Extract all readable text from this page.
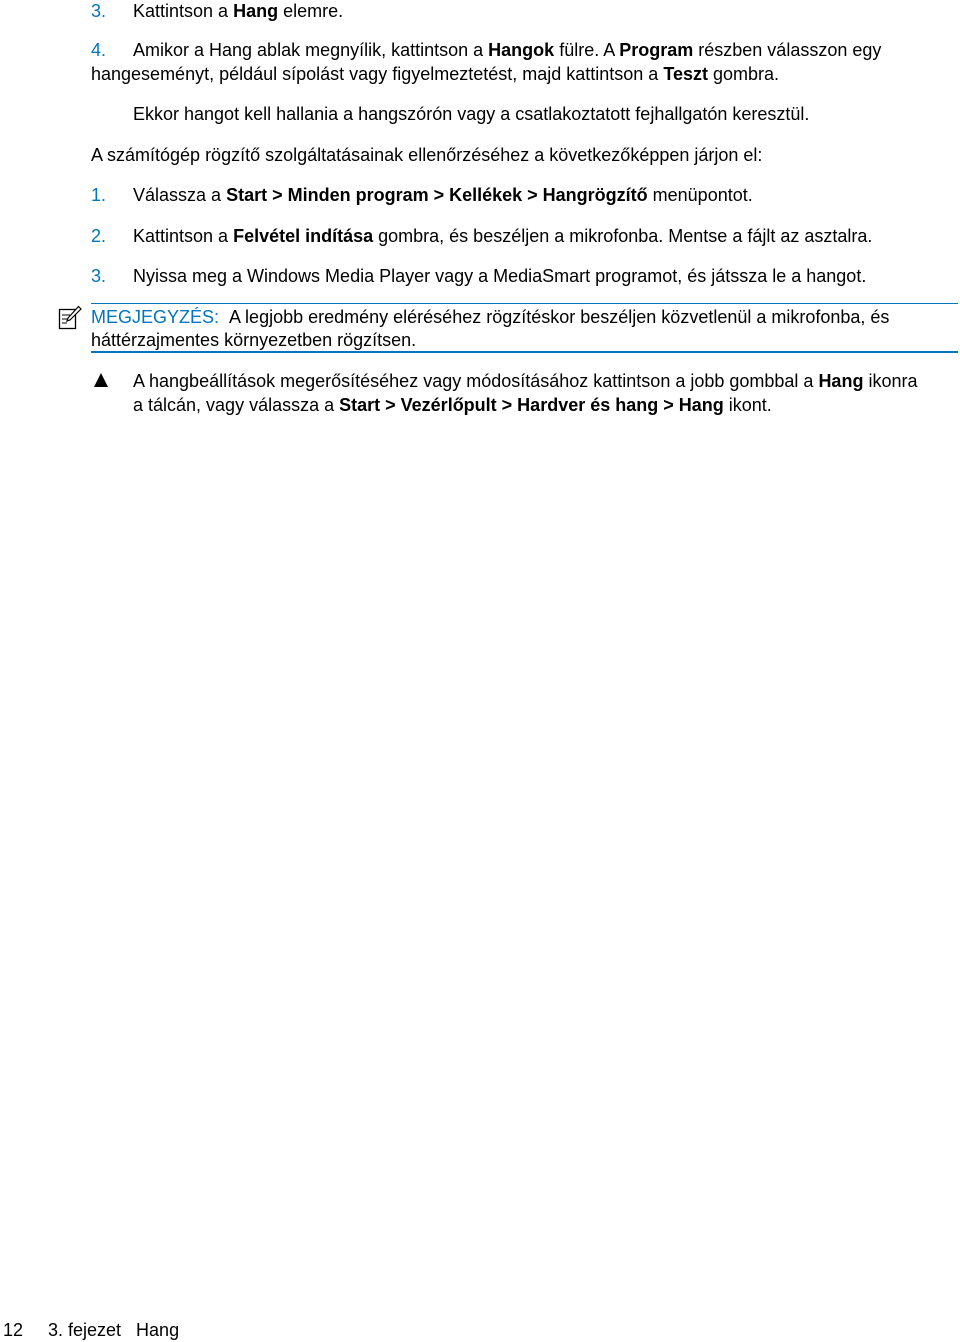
3. Kattintson a Hang elemre.
4. Amikor a Hang ablak megnyílik, kattintson a Hangok fülre. A Program részben válasszon egy
hangeseményt, például sípolást vagy figyelmeztetést, majd kattintson a Teszt gombra.
Ekkor hangot kell hallania a hangszórón vagy a csatlakoztatott fejhallgatón keresztül.
A számítógép rögzítő szolgáltatásainak ellenőrzéséhez a következőképpen járjon el:
1. Válassza a Start > Minden program > Kellékek > Hangrögzítő menüpontot.
2. Kattintson a Felvétel indítása gombra, és beszéljen a mikrofonba. Mentse a fájlt az asztalra.
3. Nyissa meg a Windows Media Player vagy a MediaSmart programot, és játssza le a hangot.
MEGJEGYZÉS: A legjobb eredmény eléréséhez rögzítéskor beszéljen közvetlenül a mikrofonba, és
háttérzajmentes környezetben rögzítsen.
A hangbeállítások megerősítéséhez vagy módosításához kattintson a jobb gombbal a Hang ikonra
a tálcán, vagy válassza a Start > Vezérlőpult > Hardver és hang > Hang ikont.
12 3. fejezet   Hang
